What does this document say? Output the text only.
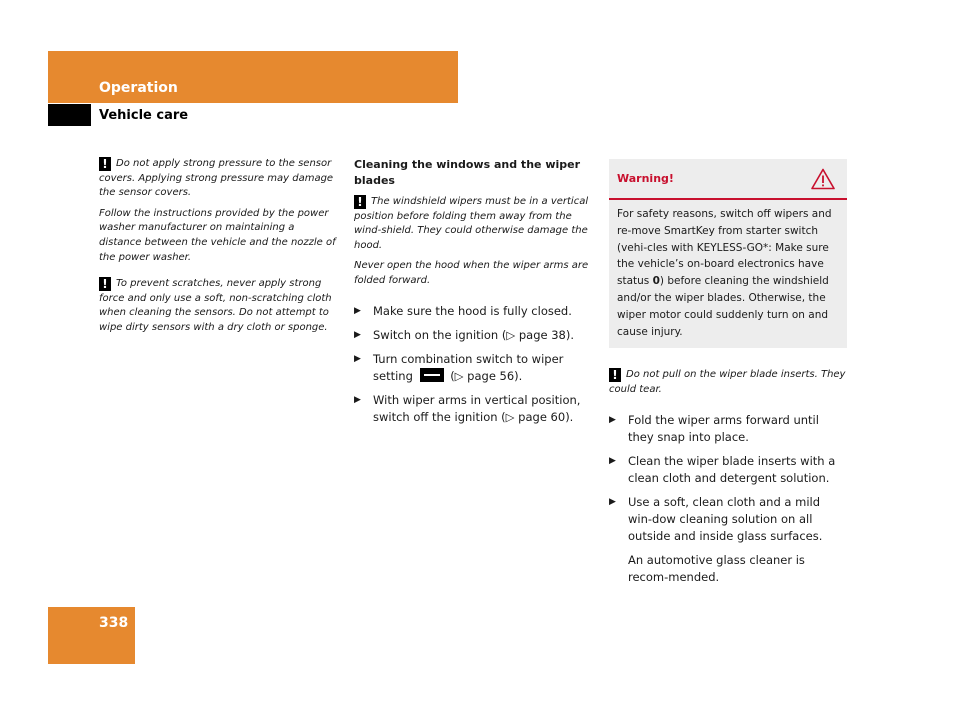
Operation
Vehicle care

! Do not apply strong pressure to the sensor covers. Applying strong pressure may damage the sensor covers.

Follow the instructions provided by the power washer manufacturer on maintaining a distance between the vehicle and the nozzle of the power washer.

! To prevent scratches, never apply strong force and only use a soft, non-scratching cloth when cleaning the sensors. Do not attempt to wipe dirty sensors with a dry cloth or sponge.

Cleaning the windows and the wiper blades

! The windshield wipers must be in a vertical position before folding them away from the wind-shield. They could otherwise damage the hood.

Never open the hood when the wiper arms are folded forward.

▶ Make sure the hood is fully closed.
▶ Switch on the ignition (▷ page 38).
▶ Turn combination switch to wiper setting	(▷ page 56).
▶ With wiper arms in vertical position, switch off the ignition (▷ page 60).
Warning!
For safety reasons, switch off wipers and re-move SmartKey from starter switch (vehi-cles with KEYLESS-GO*: Make sure the vehicle’s on-board electronics have status 0) before cleaning the windshield and/or the wiper blades. Otherwise, the wiper motor could suddenly turn on and cause injury.

! Do not pull on the wiper blade inserts. They could tear.

▶ Fold the wiper arms forward until they snap into place.
▶ Clean the wiper blade inserts with a clean cloth and detergent solution.
▶ Use a soft, clean cloth and a mild win-dow cleaning solution on all outside and inside glass surfaces.

An automotive glass cleaner is recom-mended.

338
